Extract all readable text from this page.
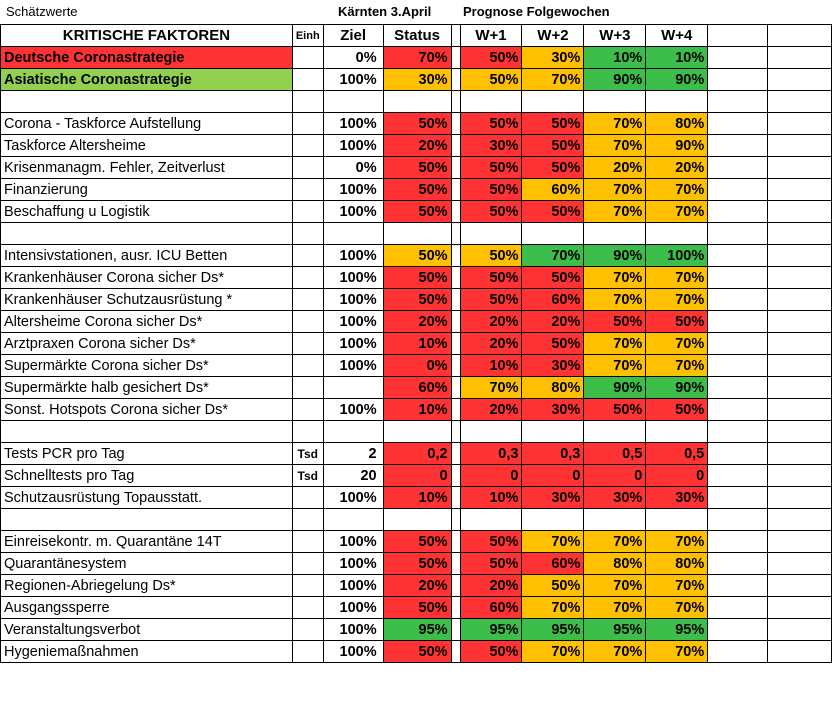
Schätzwerte	Kärnten 3.April Prognose Folgewochen
KRITISCHE FAKTOREN	Einh	Ziel	Status		W+1	W+2	W+3	W+4		
Deutsche Coronastrategie		0%	70%		50%	30%	10%	10%		
Asiatische Coronastrategie		100%	30%		50%	70%	90%	90%		

Corona - Taskforce Aufstellung		100%	50%		50%	50%	70%	80%		
Taskforce Altersheime		100%	20%		30%	50%	70%	90%		
Krisenmanagm. Fehler, Zeitverlust		0%	50%		50%	50%	20%	20%		
Finanzierung		100%	50%		50%	60%	70%	70%		
Beschaffung u Logistik		100%	50%		50%	50%	70%	70%		

Intensivstationen, ausr. ICU Betten		100%	50%		50%	70%	90%	100%		
Krankenhäuser Corona sicher Ds*		100%	50%		50%	50%	70%	70%		
Krankenhäuser Schutzausrüstung *		100%	50%		50%	60%	70%	70%		
Altersheime Corona sicher Ds*		100%	20%		20%	20%	50%	50%		
Arztpraxen Corona sicher Ds*		100%	10%		20%	50%	70%	70%		
Supermärkte Corona sicher Ds*		100%	0%		10%	30%	70%	70%		
Supermärkte halb gesichert Ds*			60%		70%	80%	90%	90%		
Sonst. Hotspots Corona sicher Ds*		100%	10%		20%	30%	50%	50%		

Tests PCR pro Tag	Tsd	2	0,2		0,3	0,3	0,5	0,5		
Schnelltests pro Tag	Tsd	20	0		0	0	0	0		
Schutzausrüstung Topausstatt.		100%	10%		10%	30%	30%	30%		

Einreisekontr. m. Quarantäne 14T		100%	50%		50%	70%	70%	70%		
Quarantänesystem		100%	50%		50%	60%	80%	80%		
Regionen-Abriegelung Ds*		100%	20%		20%	50%	70%	70%		
Ausgangssperre		100%	50%		60%	70%	70%	70%		
Veranstaltungsverbot		100%	95%		95%	95%	95%	95%		
Hygeniemaßnahmen		100%	50%		50%	70%	70%	70%		
